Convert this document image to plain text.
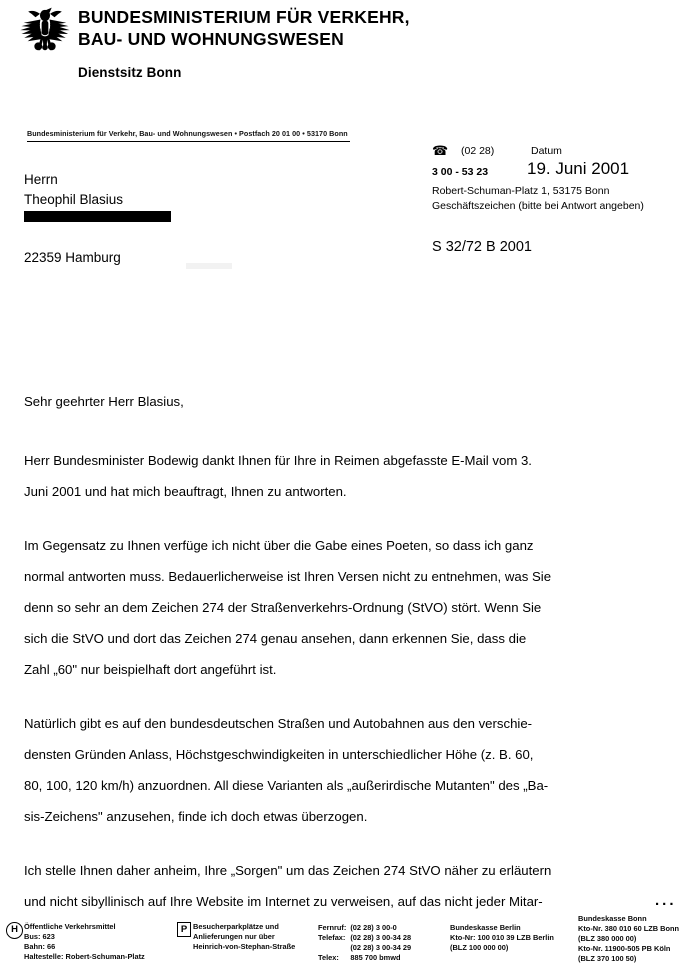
BUNDESMINISTERIUM FÜR VERKEHR,
BAU- UND WOHNUNGSWESEN
Dienstsitz Bonn
Bundesministerium für Verkehr, Bau- und Wohnungswesen • Postfach 20 01 00 • 53170 Bonn
Herrn
Theophil Blasius
22359 Hamburg
☎ (02 28)	Datum
3 00 - 53 23 19. Juni 2001
Robert-Schuman-Platz 1, 53175 Bonn
Geschäftszeichen (bitte bei Antwort angeben)
S 32/72 B 2001
Sehr geehrter Herr Blasius,
Herr Bundesminister Bodewig dankt Ihnen für Ihre in Reimen abgefasste E-Mail vom 3.
Juni 2001 und hat mich beauftragt, Ihnen zu antworten.
Im Gegensatz zu Ihnen verfüge ich nicht über die Gabe eines Poeten, so dass ich ganz
normal antworten muss. Bedauerlicherweise ist Ihren Versen nicht zu entnehmen, was Sie
denn so sehr an dem Zeichen 274 der Straßenverkehrs-Ordnung (StVO) stört. Wenn Sie
sich die StVO und dort das Zeichen 274 genau ansehen, dann erkennen Sie, dass die
Zahl „60" nur beispielhaft dort angeführt ist.
Natürlich gibt es auf den bundesdeutschen Straßen und Autobahnen aus den verschie-
densten Gründen Anlass, Höchstgeschwindigkeiten in unterschiedlicher Höhe (z. B. 60,
80, 100, 120 km/h) anzuordnen. All diese Varianten als „außerirdische Mutanten" des „Ba-
sis-Zeichens" anzusehen, finde ich doch etwas überzogen.
Ich stelle Ihnen daher anheim, Ihre „Sorgen" um das Zeichen 274 StVO näher zu erläutern
und nicht sibyllinisch auf Ihre Website im Internet zu verweisen, auf das nicht jeder Mitar-	...
H Öffentliche Verkehrsmittel
Bus: 623
Bahn: 66
Haltestelle: Robert-Schuman-Platz
P Besucherparkplätze und
Anlieferungen nur über
Heinrich-von-Stephan-Straße
Fernruf:	(02 28) 3 00-0
Telefax:	(02 28) 3 00-34 28
	(02 28) 3 00-34 29
Telex:	885 700 bmwd
Bundeskasse Berlin
Kto-Nr: 100 010 39 LZB Berlin
(BLZ 100 000 00)
Bundeskasse Bonn
Kto-Nr. 380 010 60 LZB Bonn
(BLZ 380 000 00)
Kto-Nr. 11900-505 PB Köln
(BLZ 370 100 50)
